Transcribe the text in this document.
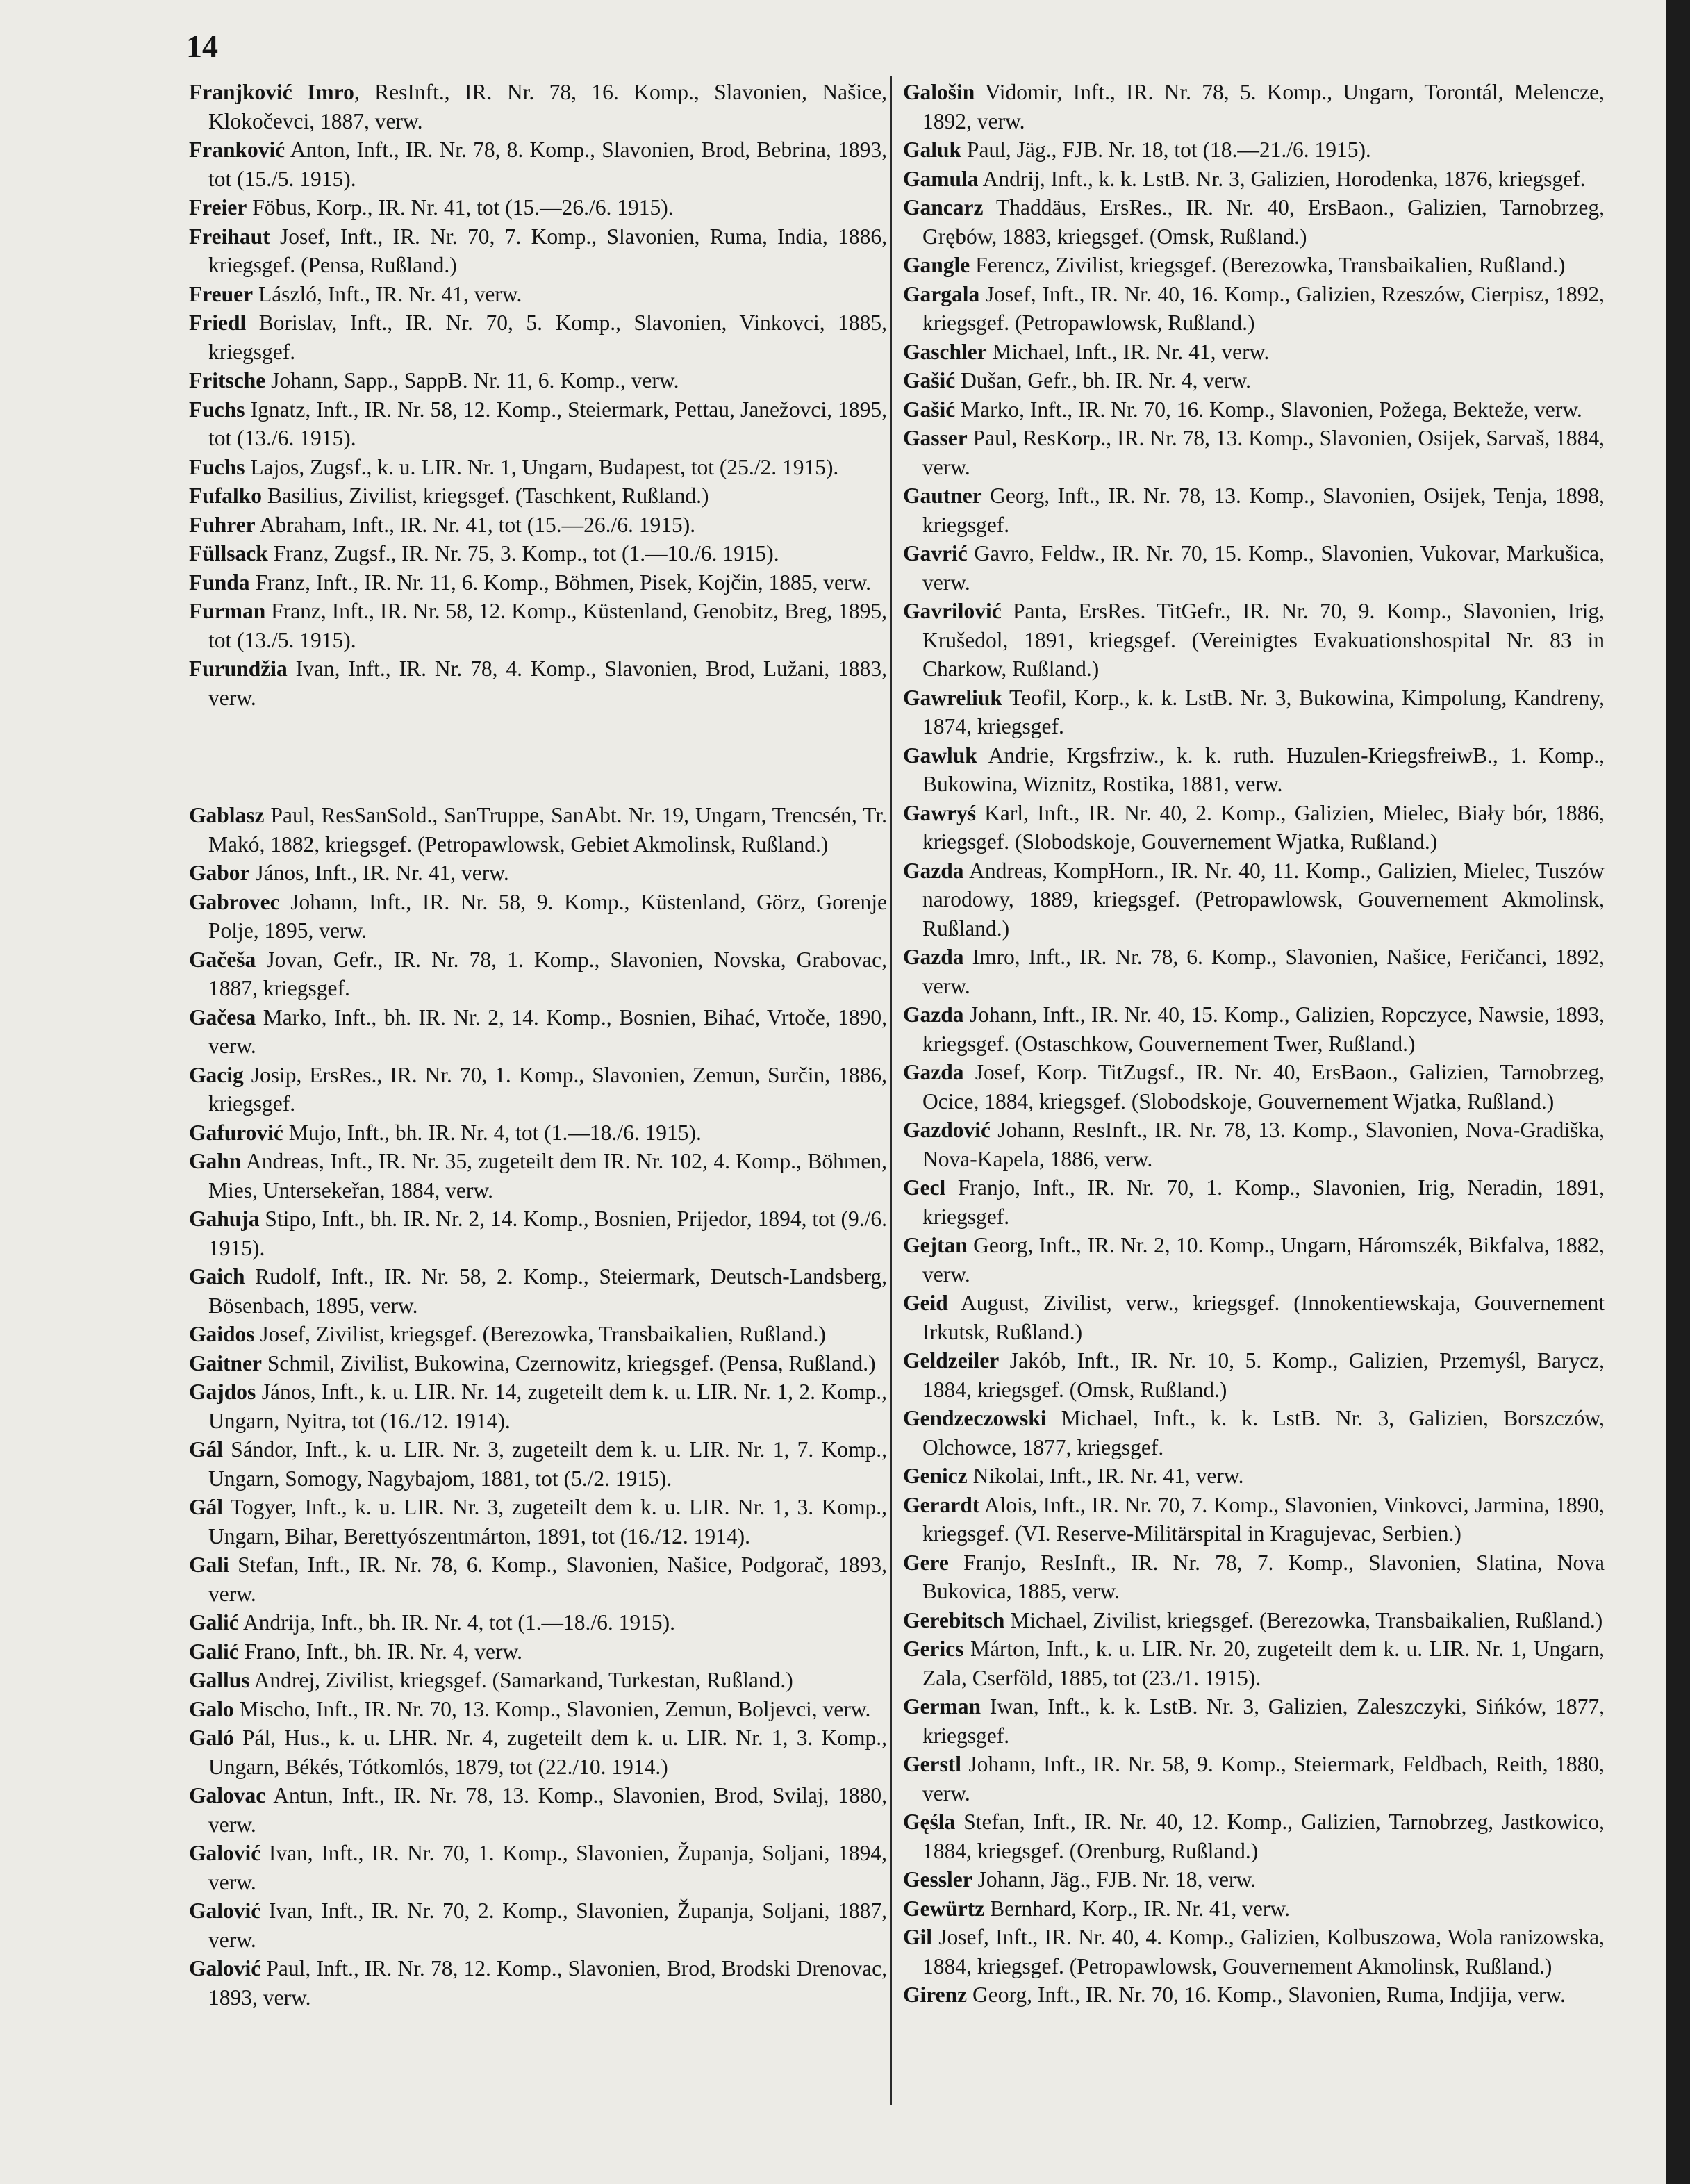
14

Franjković Imro, ResInft., IR. Nr. 78, 16. Komp., Slavonien, Našice, Klokočevci, 1887, verw.

Franković Anton, Inft., IR. Nr. 78, 8. Komp., Slavonien, Brod, Bebrina, 1893, tot (15./5. 1915).

Freier Föbus, Korp., IR. Nr. 41, tot (15.—26./6. 1915).

Freihaut Josef, Inft., IR. Nr. 70, 7. Komp., Slavonien, Ruma, India, 1886, kriegsgef. (Pensa, Rußland.)

Freuer László, Inft., IR. Nr. 41, verw.

Friedl Borislav, Inft., IR. Nr. 70, 5. Komp., Slavonien, Vinkovci, 1885, kriegsgef.

Fritsche Johann, Sapp., SappB. Nr. 11, 6. Komp., verw.

Fuchs Ignatz, Inft., IR. Nr. 58, 12. Komp., Steiermark, Pettau, Janežovci, 1895, tot (13./6. 1915).

Fuchs Lajos, Zugsf., k. u. LIR. Nr. 1, Ungarn, Budapest, tot (25./2. 1915).

Fufalko Basilius, Zivilist, kriegsgef. (Taschkent, Rußland.)

Fuhrer Abraham, Inft., IR. Nr. 41, tot (15.—26./6. 1915).

Füllsack Franz, Zugsf., IR. Nr. 75, 3. Komp., tot (1.—10./6. 1915).

Funda Franz, Inft., IR. Nr. 11, 6. Komp., Böhmen, Pisek, Kojčin, 1885, verw.

Furman Franz, Inft., IR. Nr. 58, 12. Komp., Küstenland, Genobitz, Breg, 1895, tot (13./5. 1915).

Furundžia Ivan, Inft., IR. Nr. 78, 4. Komp., Slavonien, Brod, Lužani, 1883, verw.

Gablasz Paul, ResSanSold., SanTruppe, SanAbt. Nr. 19, Ungarn, Trencsén, Tr. Makó, 1882, kriegsgef. (Petropawlowsk, Gebiet Akmolinsk, Rußland.)

Gabor János, Inft., IR. Nr. 41, verw.

Gabrovec Johann, Inft., IR. Nr. 58, 9. Komp., Küstenland, Görz, Gorenje Polje, 1895, verw.

Gačeša Jovan, Gefr., IR. Nr. 78, 1. Komp., Slavonien, Novska, Grabovac, 1887, kriegsgef.

Gačesa Marko, Inft., bh. IR. Nr. 2, 14. Komp., Bosnien, Bihać, Vrtoče, 1890, verw.

Gacig Josip, ErsRes., IR. Nr. 70, 1. Komp., Slavonien, Zemun, Surčin, 1886, kriegsgef.

Gafurović Mujo, Inft., bh. IR. Nr. 4, tot (1.—18./6. 1915).

Gahn Andreas, Inft., IR. Nr. 35, zugeteilt dem IR. Nr. 102, 4. Komp., Böhmen, Mies, Untersekeřan, 1884, verw.

Gahuja Stipo, Inft., bh. IR. Nr. 2, 14. Komp., Bosnien, Prijedor, 1894, tot (9./6. 1915).

Gaich Rudolf, Inft., IR. Nr. 58, 2. Komp., Steiermark, Deutsch-Landsberg, Bösenbach, 1895, verw.

Gaidos Josef, Zivilist, kriegsgef. (Berezowka, Transbaikalien, Rußland.)

Gaitner Schmil, Zivilist, Bukowina, Czernowitz, kriegsgef. (Pensa, Rußland.)

Gajdos János, Inft., k. u. LIR. Nr. 14, zugeteilt dem k. u. LIR. Nr. 1, 2. Komp., Ungarn, Nyitra, tot (16./12. 1914).

Gál Sándor, Inft., k. u. LIR. Nr. 3, zugeteilt dem k. u. LIR. Nr. 1, 7. Komp., Ungarn, Somogy, Nagybajom, 1881, tot (5./2. 1915).

Gál Togyer, Inft., k. u. LIR. Nr. 3, zugeteilt dem k. u. LIR. Nr. 1, 3. Komp., Ungarn, Bihar, Berettyószentmárton, 1891, tot (16./12. 1914).

Gali Stefan, Inft., IR. Nr. 78, 6. Komp., Slavonien, Našice, Podgorač, 1893, verw.

Galić Andrija, Inft., bh. IR. Nr. 4, tot (1.—18./6. 1915).

Galić Frano, Inft., bh. IR. Nr. 4, verw.

Gallus Andrej, Zivilist, kriegsgef. (Samarkand, Turkestan, Rußland.)

Galo Mischo, Inft., IR. Nr. 70, 13. Komp., Slavonien, Zemun, Boljevci, verw.

Galó Pál, Hus., k. u. LHR. Nr. 4, zugeteilt dem k. u. LIR. Nr. 1, 3. Komp., Ungarn, Békés, Tótkomlós, 1879, tot (22./10. 1914.)

Galovac Antun, Inft., IR. Nr. 78, 13. Komp., Slavonien, Brod, Svilaj, 1880, verw.

Galović Ivan, Inft., IR. Nr. 70, 1. Komp., Slavonien, Županja, Soljani, 1894, verw.

Galović Ivan, Inft., IR. Nr. 70, 2. Komp., Slavonien, Županja, Soljani, 1887, verw.

Galović Paul, Inft., IR. Nr. 78, 12. Komp., Slavonien, Brod, Brodski Drenovac, 1893, verw.

Galošin Vidomir, Inft., IR. Nr. 78, 5. Komp., Ungarn, Torontál, Melencze, 1892, verw.

Galuk Paul, Jäg., FJB. Nr. 18, tot (18.—21./6. 1915).

Gamula Andrij, Inft., k. k. LstB. Nr. 3, Galizien, Horodenka, 1876, kriegsgef.

Gancarz Thaddäus, ErsRes., IR. Nr. 40, ErsBaon., Galizien, Tarnobrzeg, Grębów, 1883, kriegsgef. (Omsk, Rußland.)

Gangle Ferencz, Zivilist, kriegsgef. (Berezowka, Transbaikalien, Rußland.)

Gargala Josef, Inft., IR. Nr. 40, 16. Komp., Galizien, Rzeszów, Cierpisz, 1892, kriegsgef. (Petropawlowsk, Rußland.)

Gaschler Michael, Inft., IR. Nr. 41, verw.

Gašić Dušan, Gefr., bh. IR. Nr. 4, verw.

Gašić Marko, Inft., IR. Nr. 70, 16. Komp., Slavonien, Požega, Bekteže, verw.

Gasser Paul, ResKorp., IR. Nr. 78, 13. Komp., Slavonien, Osijek, Sarvaš, 1884, verw.

Gautner Georg, Inft., IR. Nr. 78, 13. Komp., Slavonien, Osijek, Tenja, 1898, kriegsgef.

Gavrić Gavro, Feldw., IR. Nr. 70, 15. Komp., Slavonien, Vukovar, Markušica, verw.

Gavrilović Panta, ErsRes. TitGefr., IR. Nr. 70, 9. Komp., Slavonien, Irig, Krušedol, 1891, kriegsgef. (Vereinigtes Evakuationshospital Nr. 83 in Charkow, Rußland.)

Gawreliuk Teofil, Korp., k. k. LstB. Nr. 3, Bukowina, Kimpolung, Kandreny, 1874, kriegsgef.

Gawluk Andrie, Krgsfrziw., k. k. ruth. Huzulen-KriegsfreiwB., 1. Komp., Bukowina, Wiznitz, Rostika, 1881, verw.

Gawryś Karl, Inft., IR. Nr. 40, 2. Komp., Galizien, Mielec, Biały bór, 1886, kriegsgef. (Slobodskoje, Gouvernement Wjatka, Rußland.)

Gazda Andreas, KompHorn., IR. Nr. 40, 11. Komp., Galizien, Mielec, Tuszów narodowy, 1889, kriegsgef. (Petropawlowsk, Gouvernement Akmolinsk, Rußland.)

Gazda Imro, Inft., IR. Nr. 78, 6. Komp., Slavonien, Našice, Feričanci, 1892, verw.

Gazda Johann, Inft., IR. Nr. 40, 15. Komp., Galizien, Ropczyce, Nawsie, 1893, kriegsgef. (Ostaschkow, Gouvernement Twer, Rußland.)

Gazda Josef, Korp. TitZugsf., IR. Nr. 40, ErsBaon., Galizien, Tarnobrzeg, Ocice, 1884, kriegsgef. (Slobodskoje, Gouvernement Wjatka, Rußland.)

Gazdović Johann, ResInft., IR. Nr. 78, 13. Komp., Slavonien, Nova-Gradiška, Nova-Kapela, 1886, verw.

Gecl Franjo, Inft., IR. Nr. 70, 1. Komp., Slavonien, Irig, Neradin, 1891, kriegsgef.

Gejtan Georg, Inft., IR. Nr. 2, 10. Komp., Ungarn, Háromszék, Bikfalva, 1882, verw.

Geid August, Zivilist, verw., kriegsgef. (Innokentiewskaja, Gouvernement Irkutsk, Rußland.)

Geldzeiler Jakób, Inft., IR. Nr. 10, 5. Komp., Galizien, Przemyśl, Barycz, 1884, kriegsgef. (Omsk, Rußland.)

Gendzeczowski Michael, Inft., k. k. LstB. Nr. 3, Galizien, Borszczów, Olchowce, 1877, kriegsgef.

Genicz Nikolai, Inft., IR. Nr. 41, verw.

Gerardt Alois, Inft., IR. Nr. 70, 7. Komp., Slavonien, Vinkovci, Jarmina, 1890, kriegsgef. (VI. Reserve-Militärspital in Kragujevac, Serbien.)

Gere Franjo, ResInft., IR. Nr. 78, 7. Komp., Slavonien, Slatina, Nova Bukovica, 1885, verw.

Gerebitsch Michael, Zivilist, kriegsgef. (Berezowka, Transbaikalien, Rußland.)

Gerics Márton, Inft., k. u. LIR. Nr. 20, zugeteilt dem k. u. LIR. Nr. 1, Ungarn, Zala, Cserföld, 1885, tot (23./1. 1915).

German Iwan, Inft., k. k. LstB. Nr. 3, Galizien, Zaleszczyki, Sińków, 1877, kriegsgef.

Gerstl Johann, Inft., IR. Nr. 58, 9. Komp., Steiermark, Feldbach, Reith, 1880, verw.

Gęśla Stefan, Inft., IR. Nr. 40, 12. Komp., Galizien, Tarnobrzeg, Jastkowico, 1884, kriegsgef. (Orenburg, Rußland.)

Gessler Johann, Jäg., FJB. Nr. 18, verw.

Gewürtz Bernhard, Korp., IR. Nr. 41, verw.

Gil Josef, Inft., IR. Nr. 40, 4. Komp., Galizien, Kolbuszowa, Wola ranizowska, 1884, kriegsgef. (Petropawlowsk, Gouvernement Akmolinsk, Rußland.)

Girenz Georg, Inft., IR. Nr. 70, 16. Komp., Slavonien, Ruma, Indjija, verw.
